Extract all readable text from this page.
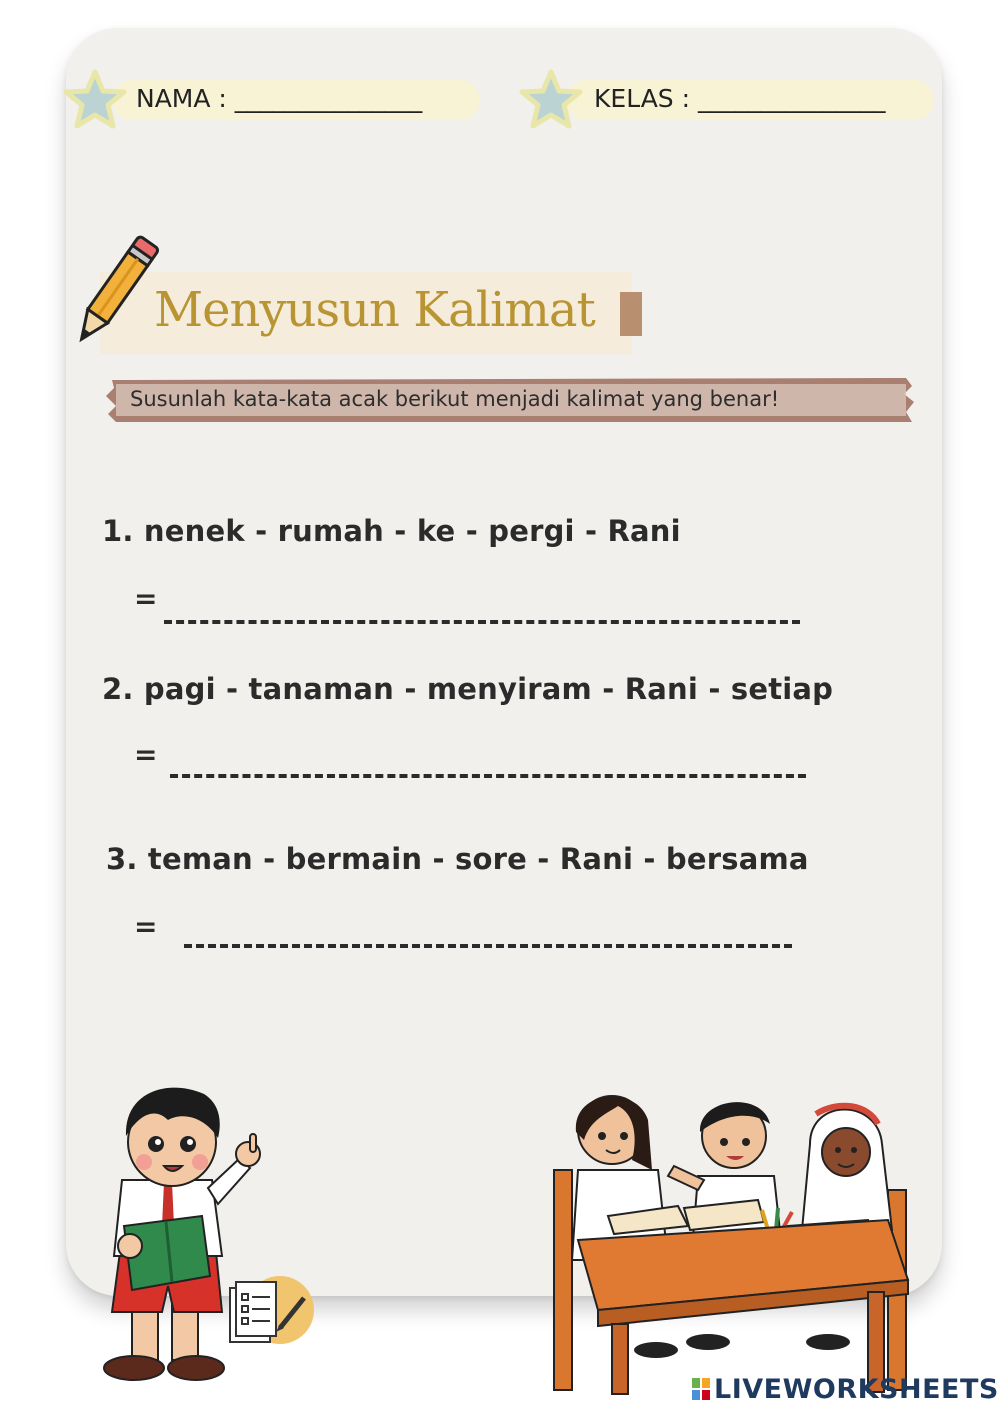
NAMA : _______________	KELAS : _______________
Menyusun Kalimat
Susunlah kata-kata acak berikut menjadi kalimat yang benar!
1. nenek - rumah - ke - pergi - Rani
=
2. pagi - tanaman - menyiram - Rani - setiap
=
3. teman - bermain - sore - Rani - bersama
=
LIVEWORKSHEETS
